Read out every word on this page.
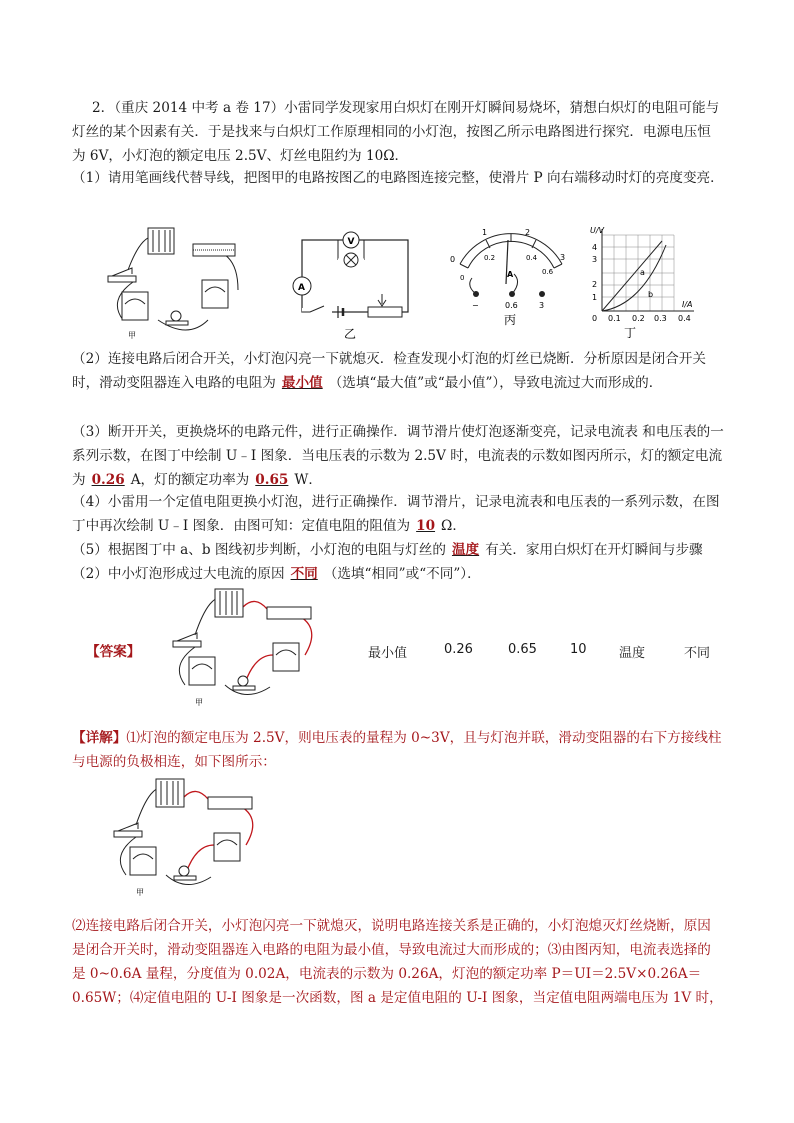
2．（重庆 2014 中考 a 卷 17）小雷同学发现家用白炽灯在刚开灯瞬间易烧坏，猜想白炽灯的电阻可能与灯丝的某个因素有关．于是找来与白炽灯工作原理相同的小灯泡，按图乙所示电路图进行探究．电源电压恒为 6V，小灯泡的额定电压 2.5V、灯丝电阻约为 10Ω．

（1）请用笔画线代替导线，把图甲的电路按图乙的电路图连接完整，使滑片 P 向右端移动时灯的亮度变亮．

甲
V
A
乙
0
1	2
3
0
0.2	0.4
0.6
A
−	0.6	3
丙
U/V
I/A
1
2
3
4
0 0.1 0.2 0.3 0.4
a
b
丁

（2）连接电路后闭合开关，小灯泡闪亮一下就熄灭．检查发现小灯泡的灯丝已烧断．分析原因是闭合开关时，滑动变阻器连入电路的电阻为 最小值 （选填“最大值”或“最小值”），导致电流过大而形成的．

（3）断开开关，更换烧坏的电路元件，进行正确操作．调节滑片使灯泡逐渐变亮，记录电流表 和电压表的一系列示数，在图丁中绘制 U﹣I 图象．当电压表的示数为 2.5V 时，电流表的示数如图丙所示，灯的额定电流为 0.26 A，灯的额定功率为 0.65 W．

（4）小雷用一个定值电阻更换小灯泡，进行正确操作．调节滑片，记录电流表和电压表的一系列示数，在图丁中再次绘制 U﹣I 图象．由图可知：定值电阻的阻值为 10 Ω．

（5）根据图丁中 a、b 图线初步判断，小灯泡的电阻与灯丝的 温度 有关．家用白炽灯在开灯瞬间与步骤（2）中小灯泡形成过大电流的原因 不同 （选填“相同”或“不同”）．

【答案】
甲
最小值	0.26	0.65	10 温度	不同

【详解】⑴灯泡的额定电压为 2.5V，则电压表的量程为 0~3V，且与灯泡并联，滑动变阻器的右下方接线柱与电源的负极相连，如下图所示：

甲

⑵连接电路后闭合开关，小灯泡闪亮一下就熄灭，说明电路连接关系是正确的，小灯泡熄灭灯丝烧断，原因是闭合开关时，滑动变阻器连入电路的电阻为最小值，导致电流过大而形成的；⑶由图丙知，电流表选择的是 0~0.6A 量程，分度值为 0.02A，电流表的示数为 0.26A，灯泡的额定功率 P＝UI＝2.5V×0.26A＝0.65W；⑷定值电阻的 U-I 图象是一次函数，图 a 是定值电阻的 U-I 图象，当定值电阻两端电压为 1V 时，
